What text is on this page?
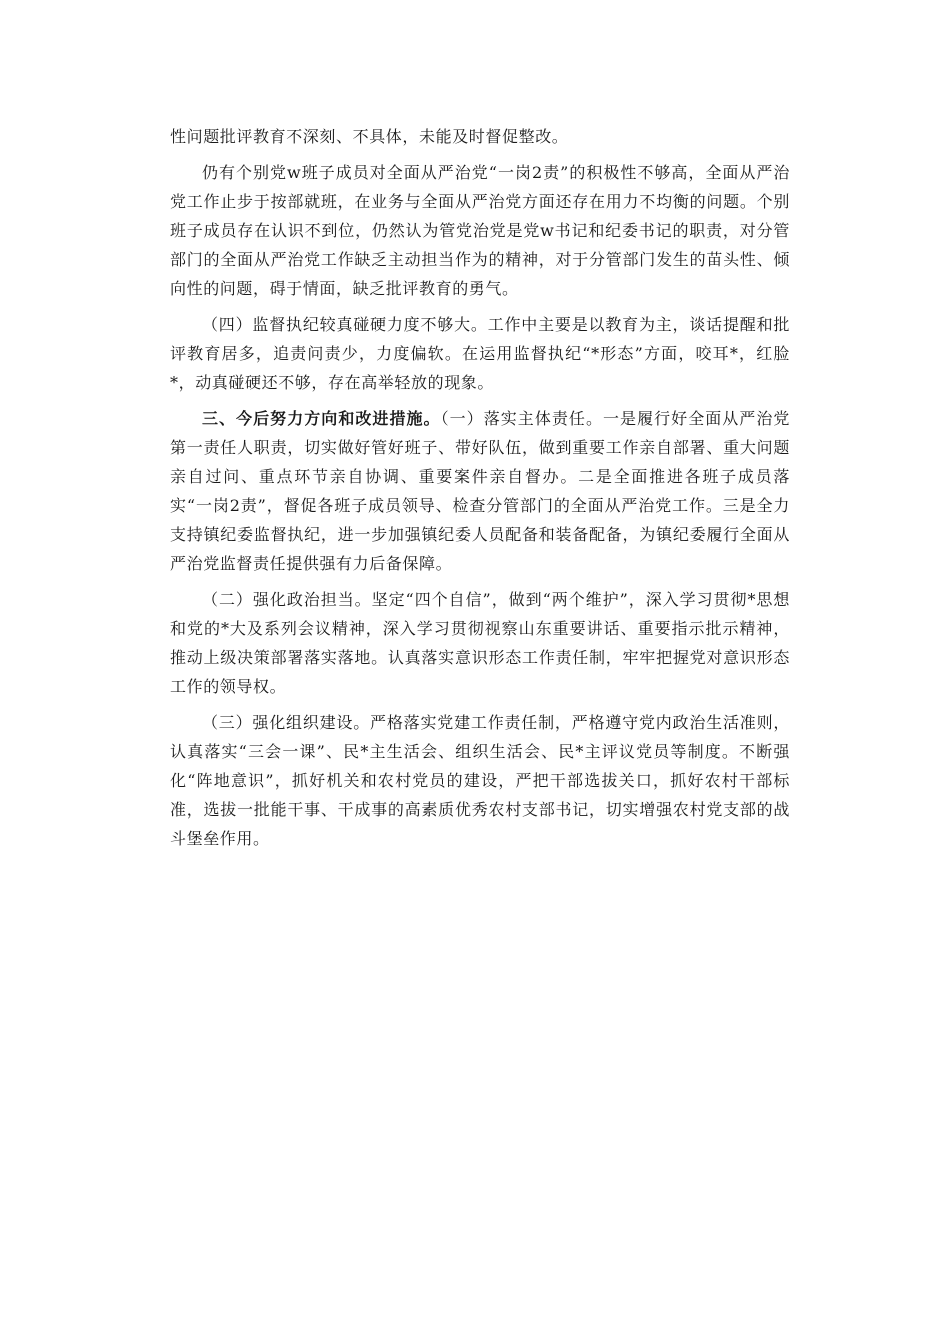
性问题批评教育不深刻、不具体，未能及时督促整改。

仍有个别党w班子成员对全面从严治党“一岗2责”的积极性不够高，全面从严治党工作止步于按部就班，在业务与全面从严治党方面还存在用力不均衡的问题。个别班子成员存在认识不到位，仍然认为管党治党是党w书记和纪委书记的职责，对分管部门的全面从严治党工作缺乏主动担当作为的精神，对于分管部门发生的苗头性、倾向性的问题，碍于情面，缺乏批评教育的勇气。

（四）监督执纪较真碰硬力度不够大。工作中主要是以教育为主，谈话提醒和批评教育居多，追责问责少，力度偏软。在运用监督执纪“*形态”方面，咬耳*，红脸*，动真碰硬还不够，存在高举轻放的现象。

三、今后努力方向和改进措施。（一）落实主体责任。一是履行好全面从严治党第一责任人职责，切实做好管好班子、带好队伍，做到重要工作亲自部署、重大问题亲自过问、重点环节亲自协调、重要案件亲自督办。二是全面推进各班子成员落实“一岗2责”，督促各班子成员领导、检查分管部门的全面从严治党工作。三是全力支持镇纪委监督执纪，进一步加强镇纪委人员配备和装备配备，为镇纪委履行全面从严治党监督责任提供强有力后备保障。

（二）强化政治担当。坚定“四个自信”，做到“两个维护”，深入学习贯彻*思想和党的*大及系列会议精神，深入学习贯彻视察山东重要讲话、重要指示批示精神，推动上级决策部署落实落地。认真落实意识形态工作责任制，牢牢把握党对意识形态工作的领导权。

（三）强化组织建设。严格落实党建工作责任制，严格遵守党内政治生活准则，认真落实“三会一课”、民*主生活会、组织生活会、民*主评议党员等制度。不断强化“阵地意识”，抓好机关和农村党员的建设，严把干部选拔关口，抓好农村干部标准，选拔一批能干事、干成事的高素质优秀农村支部书记，切实增强农村党支部的战斗堡垒作用。
